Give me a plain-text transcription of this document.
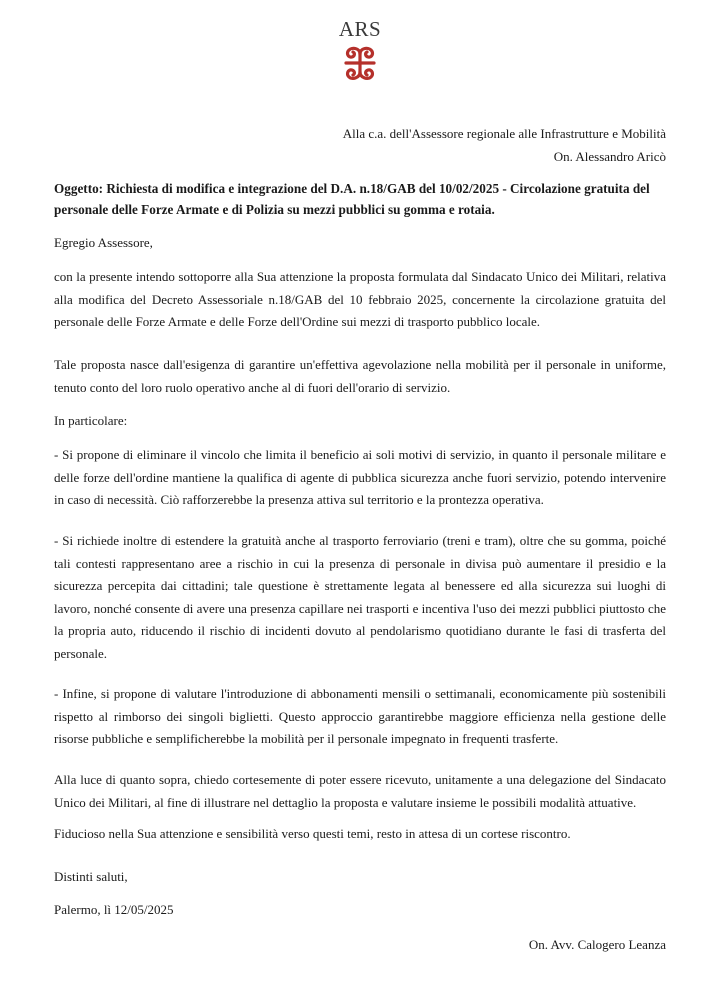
ARS
Alla c.a. dell'Assessore regionale alle Infrastrutture e Mobilità
On. Alessandro Aricò
Oggetto: Richiesta di modifica e integrazione del D.A. n.18/GAB del 10/02/2025 - Circolazione gratuita del personale delle Forze Armate e di Polizia su mezzi pubblici su gomma e rotaia.
Egregio Assessore,
con la presente intendo sottoporre alla Sua attenzione la proposta formulata dal Sindacato Unico dei Militari, relativa alla modifica del Decreto Assessoriale n.18/GAB del 10 febbraio 2025, concernente la circolazione gratuita del personale delle Forze Armate e delle Forze dell'Ordine sui mezzi di trasporto pubblico locale.
Tale proposta nasce dall'esigenza di garantire un'effettiva agevolazione nella mobilità per il personale in uniforme, tenuto conto del loro ruolo operativo anche al di fuori dell'orario di servizio.
In particolare:
- Si propone di eliminare il vincolo che limita il beneficio ai soli motivi di servizio, in quanto il personale militare e delle forze dell'ordine mantiene la qualifica di agente di pubblica sicurezza anche fuori servizio, potendo intervenire in caso di necessità. Ciò rafforzerebbe la presenza attiva sul territorio e la prontezza operativa.
- Si richiede inoltre di estendere la gratuità anche al trasporto ferroviario (treni e tram), oltre che su gomma, poiché tali contesti rappresentano aree a rischio in cui la presenza di personale in divisa può aumentare il presidio e la sicurezza percepita dai cittadini; tale questione è strettamente legata al benessere ed alla sicurezza sui luoghi di lavoro, nonché consente di avere una presenza capillare nei trasporti e incentiva l'uso dei mezzi pubblici piuttosto che la propria auto, riducendo il rischio di incidenti dovuto al pendolarismo quotidiano durante le fasi di trasferta del personale.
- Infine, si propone di valutare l'introduzione di abbonamenti mensili o settimanali, economicamente più sostenibili rispetto al rimborso dei singoli biglietti. Questo approccio garantirebbe maggiore efficienza nella gestione delle risorse pubbliche e semplificherebbe la mobilità per il personale impegnato in frequenti trasferte.
Alla luce di quanto sopra, chiedo cortesemente di poter essere ricevuto, unitamente a una delegazione del Sindacato Unico dei Militari, al fine di illustrare nel dettaglio la proposta e valutare insieme le possibili modalità attuative.
Fiducioso nella Sua attenzione e sensibilità verso questi temi, resto in attesa di un cortese riscontro.
Distinti saluti,
Palermo, lì 12/05/2025
On. Avv. Calogero Leanza
